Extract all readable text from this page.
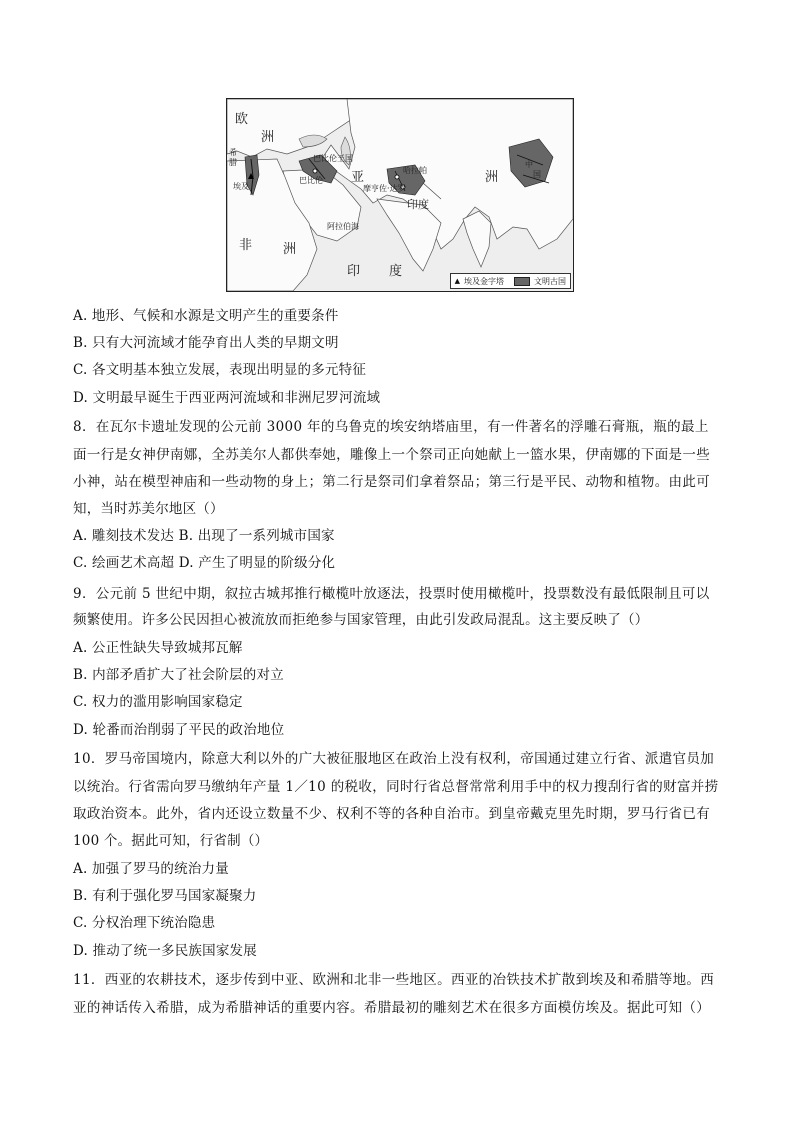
欧
洲
希
腊	巴比伦王国
亚
巴比伦
哈拉帕
摩亨佐·达罗
印度
埃及
非 洲
阿拉伯海
印 度
洲
中
国
▲ 埃及金字塔	文明古国
A. 地形、气候和水源是文明产生的重要条件
B. 只有大河流域才能孕育出人类的早期文明
C. 各文明基本独立发展，表现出明显的多元特征
D. 文明最早诞生于西亚两河流域和非洲尼罗河流域
8．在瓦尔卡遗址发现的公元前 3000 年的乌鲁克的埃安纳塔庙里，有一件著名的浮雕石膏瓶，瓶的最上
面一行是女神伊南娜，全苏美尔人都供奉她，雕像上一个祭司正向她献上一篮水果，伊南娜的下面是一些
小神，站在模型神庙和一些动物的身上；第二行是祭司们拿着祭品；第三行是平民、动物和植物。由此可
知，当时苏美尔地区（）
A. 雕刻技术发达 B. 出现了一系列城市国家
C. 绘画艺术高超 D. 产生了明显的阶级分化
9．公元前 5 世纪中期，叙拉古城邦推行橄榄叶放逐法，投票时使用橄榄叶，投票数没有最低限制且可以
频繁使用。许多公民因担心被流放而拒绝参与国家管理，由此引发政局混乱。这主要反映了（）
A. 公正性缺失导致城邦瓦解
B. 内部矛盾扩大了社会阶层的对立
C. 权力的滥用影响国家稳定
D. 轮番而治削弱了平民的政治地位
10．罗马帝国境内，除意大利以外的广大被征服地区在政治上没有权利，帝国通过建立行省、派遣官员加
以统治。行省需向罗马缴纳年产量 1／10 的税收，同时行省总督常常利用手中的权力搜刮行省的财富并捞
取政治资本。此外，省内还设立数量不少、权利不等的各种自治市。到皇帝戴克里先时期，罗马行省已有
100 个。据此可知，行省制（）
A. 加强了罗马的统治力量
B. 有利于强化罗马国家凝聚力
C. 分权治理下统治隐患
D. 推动了统一多民族国家发展
11．西亚的农耕技术，逐步传到中亚、欧洲和北非一些地区。西亚的冶铁技术扩散到埃及和希腊等地。西
亚的神话传入希腊，成为希腊神话的重要内容。希腊最初的雕刻艺术在很多方面模仿埃及。据此可知（）
